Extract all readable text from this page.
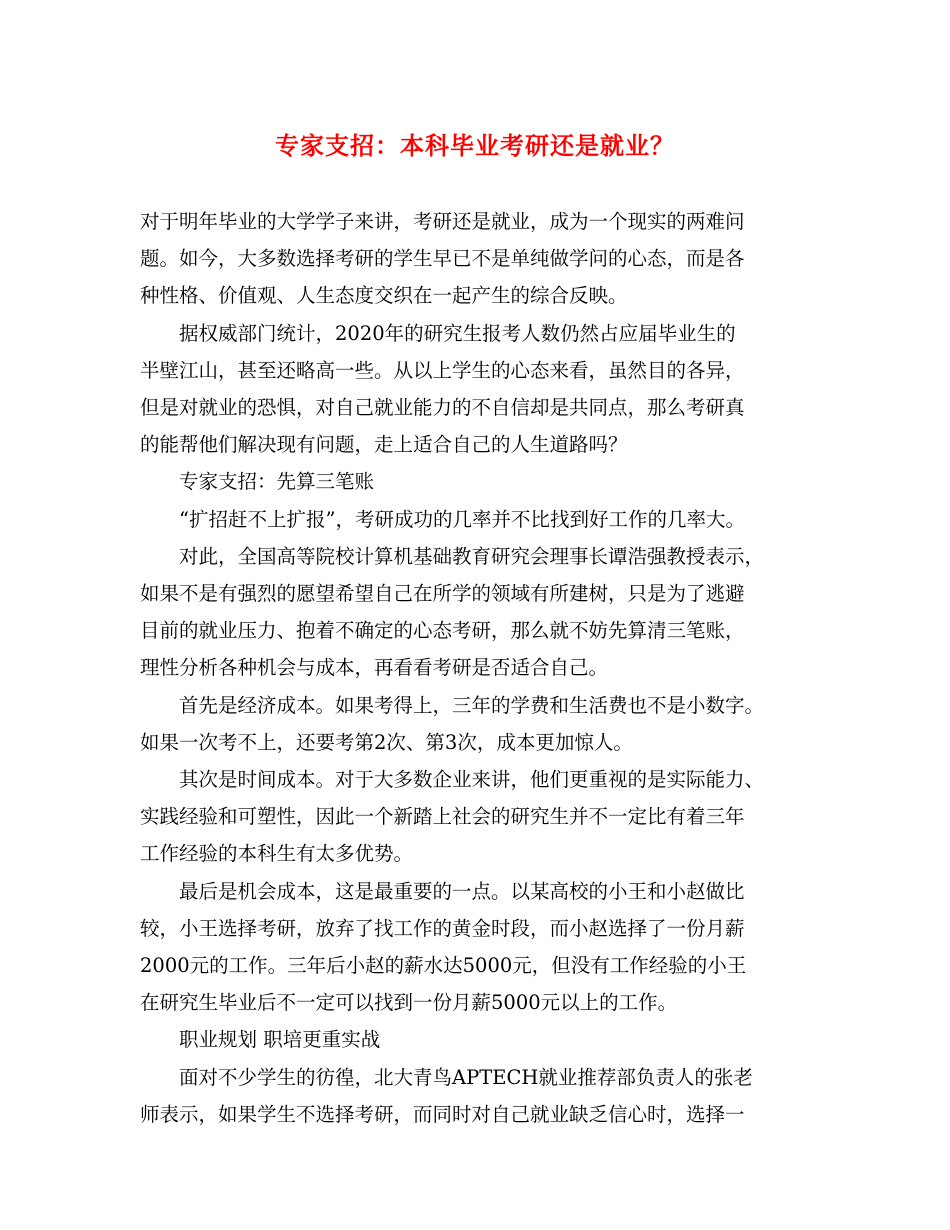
专家支招：本科毕业考研还是就业？
对于明年毕业的大学学子来讲，考研还是就业，成为一个现实的两难问
题。如今，大多数选择考研的学生早已不是单纯做学问的心态，而是各
种性格、价值观、人生态度交织在一起产生的综合反映。
据权威部门统计，2020年的研究生报考人数仍然占应届毕业生的
半壁江山，甚至还略高一些。从以上学生的心态来看，虽然目的各异，
但是对就业的恐惧，对自己就业能力的不自信却是共同点，那么考研真
的能帮他们解决现有问题，走上适合自己的人生道路吗？
专家支招：先算三笔账
“扩招赶不上扩报”，考研成功的几率并不比找到好工作的几率大。
对此，全国高等院校计算机基础教育研究会理事长谭浩强教授表示，
如果不是有强烈的愿望希望自己在所学的领域有所建树，只是为了逃避
目前的就业压力、抱着不确定的心态考研，那么就不妨先算清三笔账，
理性分析各种机会与成本，再看看考研是否适合自己。
首先是经济成本。如果考得上，三年的学费和生活费也不是小数字。
如果一次考不上，还要考第2次、第3次，成本更加惊人。
其次是时间成本。对于大多数企业来讲，他们更重视的是实际能力、
实践经验和可塑性，因此一个新踏上社会的研究生并不一定比有着三年
工作经验的本科生有太多优势。
最后是机会成本，这是最重要的一点。以某高校的小王和小赵做比
较，小王选择考研，放弃了找工作的黄金时段，而小赵选择了一份月薪
2000元的工作。三年后小赵的薪水达5000元，但没有工作经验的小王
在研究生毕业后不一定可以找到一份月薪5000元以上的工作。
职业规划 职培更重实战
面对不少学生的彷徨，北大青鸟APTECH就业推荐部负责人的张老
师表示，如果学生不选择考研，而同时对自己就业缺乏信心时，选择一
